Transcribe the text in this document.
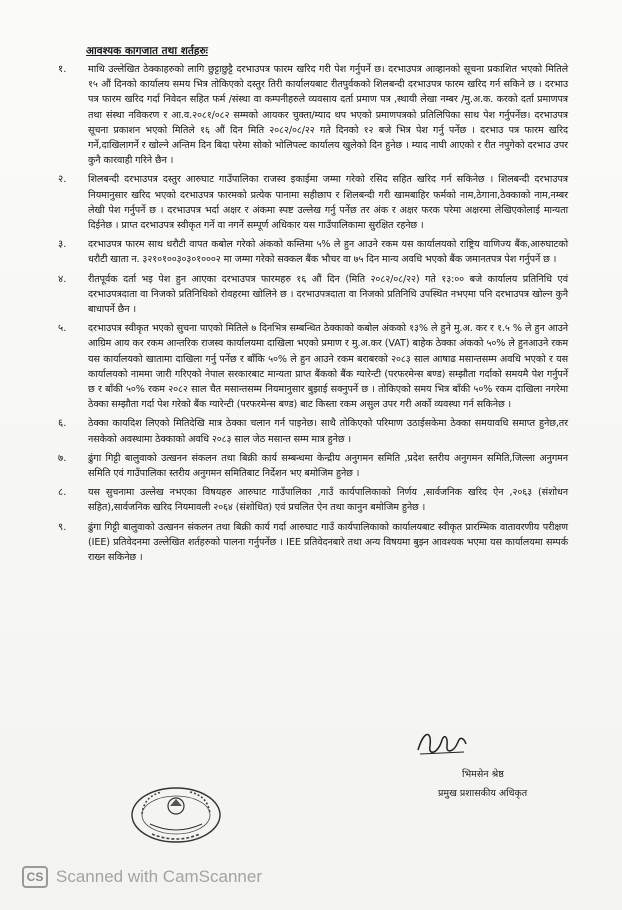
आवश्यक कागजात तथा शर्तहरुः
१.	माथि उल्लेखित ठेक्काहरुको लागि छुट्टाछुट्टै दरभाउपत्र फारम खरिद गरी पेश गर्नुपर्ने छ। दरभाउपत्र आव्हानको सूचना प्रकाशित भएको मितिले १५ औं दिनको कार्यालय समय भित्र तोकिएको दस्तुर तिरी कार्यालयबाट रीतपुर्वकको शिलबन्दी दरभाउपत्र फारम खरिद गर्न सकिने छ । दरभाउ पत्र फारम खरिद गर्दा निवेदन सहित फर्म /संस्था वा कम्पनीहरुले व्यवसाय दर्ता प्रमाण पत्र ,स्थायी लेखा नम्बर /मु.अ.क. करको दर्ता प्रमाणपत्र तथा संस्था नविकरण र आ.व.२०८१/०८२ सम्मको आयकर चुक्ता/म्याद थप भएको प्रमाणपत्रको प्रतिलिपिका साथ पेश गर्नुपर्नेछ। दरभाउपत्र सूचना प्रकाशन भएको मितिले १६ औं दिन मिति २०८२/०८/२२ गते दिनको १२ बजे भित्र पेश गर्नु पर्नेछ । दरभाउ पत्र फारम खरिद गर्ने,दाखिलागर्ने र खोल्ने अन्तिम दिन बिदा परेमा सोको भोलिपल्ट कार्यालय खुलेको दिन हुनेछ । म्याद नाघी आएको र रीत नपुगेको दरभाउ उपर कुनै कारवाही गरिने छैन ।
२.	शिलबन्दी दरभाउपत्र दस्तुर आरुघाट गाउँपालिका राजस्व इकाईमा जम्मा गरेको रसिद सहित खरिद गर्न सकिनेछ । शिलबन्दी दरभाउपत्र नियमानुसार खरिद भएको दरभाउपत्र फारमको प्रत्येक पानामा सहीछाप र शिलबन्दी गरी खामबाहिर फर्मको नाम,ठेगाना,ठेक्काको नाम,नम्बर लेखी पेश गर्नुपर्ने छ । दरभाउपत्र भर्दा अक्षर र अंकमा स्पष्ट उल्लेख गर्नु पर्नेछ तर अंक र अक्षर फरक परेमा अक्षरमा लेखिएकोलाई मान्यता दिईनेछ । प्राप्त दरभाउपत्र स्वीकृत गर्ने वा नगर्ने सम्पूर्ण अधिकार यस गाउँपालिकामा सुरक्षित रहनेछ ।
३.	दरभाउपत्र फारम साथ धरौटी वापत कबोल गरेको अंकको कम्तिमा ५% ले हुन आउने रकम यस कार्यालयको राष्ट्रिय वाणिज्य बैंक,आरुघाटको धरौटी खाता न. ३२१०१००३०३०१०००२ मा जम्मा गरेको सक्कल बैंक भौचर वा ७५ दिन मान्य अवधि भएको बैंक जमानतपत्र पेश गर्नुपर्ने छ ।
४.	रीतपूर्वक दर्ता भइ पेश हुन आएका दरभाउपत्र फारमहरु १६ औं दिन (मिति २०८२/०८/२२) गते १३:०० बजे कार्यालय प्रतिनिधि एवं दरभाउपत्रदाता वा निजको प्रतिनिधिको रोवहरमा खोलिने छ । दरभाउपत्रदाता वा निजको प्रतिनिधि उपस्थित नभएमा पनि दरभाउपत्र खोल्न कुनै बाधापर्ने छैन ।
५.	दरभाउपत्र स्वीकृत भएको सुचना पाएको मितिले ७ दिनभित्र सम्बन्धित ठेक्काको कबोल अंकको १३% ले हुने मु.अ. कर र १.५ % ले हुन आउने आग्रिम आय कर रकम आन्तरिक राजस्व कार्यालयमा दाखिला भएको प्रमाण र मु.अ.कर (VAT) बाहेक ठेक्का अंकको ५०% ले हुनआउने रकम यस कार्यालयको खातामा दाखिला गर्नु पर्नेछ र बाँकि ५०% ले हुन आउने रकम बराबरको २०८३ साल आषाढ मसान्तसम्म अवधि भएको र यस कार्यालयको नाममा जारी गरिएको नेपाल सरकारबाट मान्यता प्राप्त बैंकको बैंक ग्यारेन्टी (परफरमेन्स बण्ड) सम्झौता गर्दाको समयमै पेश गर्नुपर्ने छ र बाँकी ५०% रकम २०८२ साल चैत मसान्तसम्म नियमानुसार बुझाई सक्नुपर्ने छ । तोकिएको समय भित्र बाँकी ५०% रकम दाखिला नगरेमा ठेक्का सम्झौता गर्दा पेश गरेको बैंक ग्यारेन्टी (परफरमेन्स बण्ड) बाट किस्ता रकम असुल उपर गरी अर्को व्यवस्था गर्न सकिनेछ ।
६.	ठेक्का कायदिश लिएको मितिदेखि मात्र ठेक्का चलान गर्न पाइनेछ। साथै तोकिएको परिमाण उठाईसकेमा ठेक्का समयावधि समाप्त हुनेछ,तर नसकेको अवस्थामा ठेक्काको अवधि २०८३ साल जेठ मसान्त सम्म मात्र हुनेछ ।
७.	ढुंगा गिट्टी बालुवाको उत्खनन संकलन तथा बिक्री कार्य सम्बन्धमा केन्द्रीय अनुगमन समिति ,प्रदेश स्तरीय अनुगमन समिति,जिल्ला अनुगमन समिति एवं गाउँपालिका स्तरीय अनुगमन समितिबाट निर्देशन भए बमोजिम हुनेछ ।
८.	यस सुचनामा उल्लेख नभएका विषयहरु आरुघाट गाउँपालिका ,गाउँ कार्यपालिकाको निर्णय ,सार्वजनिक खरिद ऐन ,२०६३ (संशोधन सहित),सार्वजनिक खरिद नियमावली २०६४ (संशोधित) एवं प्रचलित ऐन तथा कानुन बमोजिम हुनेछ ।
९.	ढुंगा गिट्टी बालुवाको उत्खनन संकलन तथा बिक्री कार्य गर्दा आरुघाट गाउँ कार्यपालिकाको कार्यालयबाट स्वीकृत प्रारम्भिक वातावरणीय परीक्षण (IEE) प्रतिवेदनमा उल्लेखित शर्तहरुको पालना गर्नुपर्नेछ । IEE प्रतिवेदनबारे तथा अन्य विषयमा बुझ्न आवश्यक भएमा यस कार्यालयमा सम्पर्क राख्न सकिनेछ ।
भिमसेन श्रेष्ठ
प्रमुख प्रशासकीय अधिकृत
CS Scanned with CamScanner
